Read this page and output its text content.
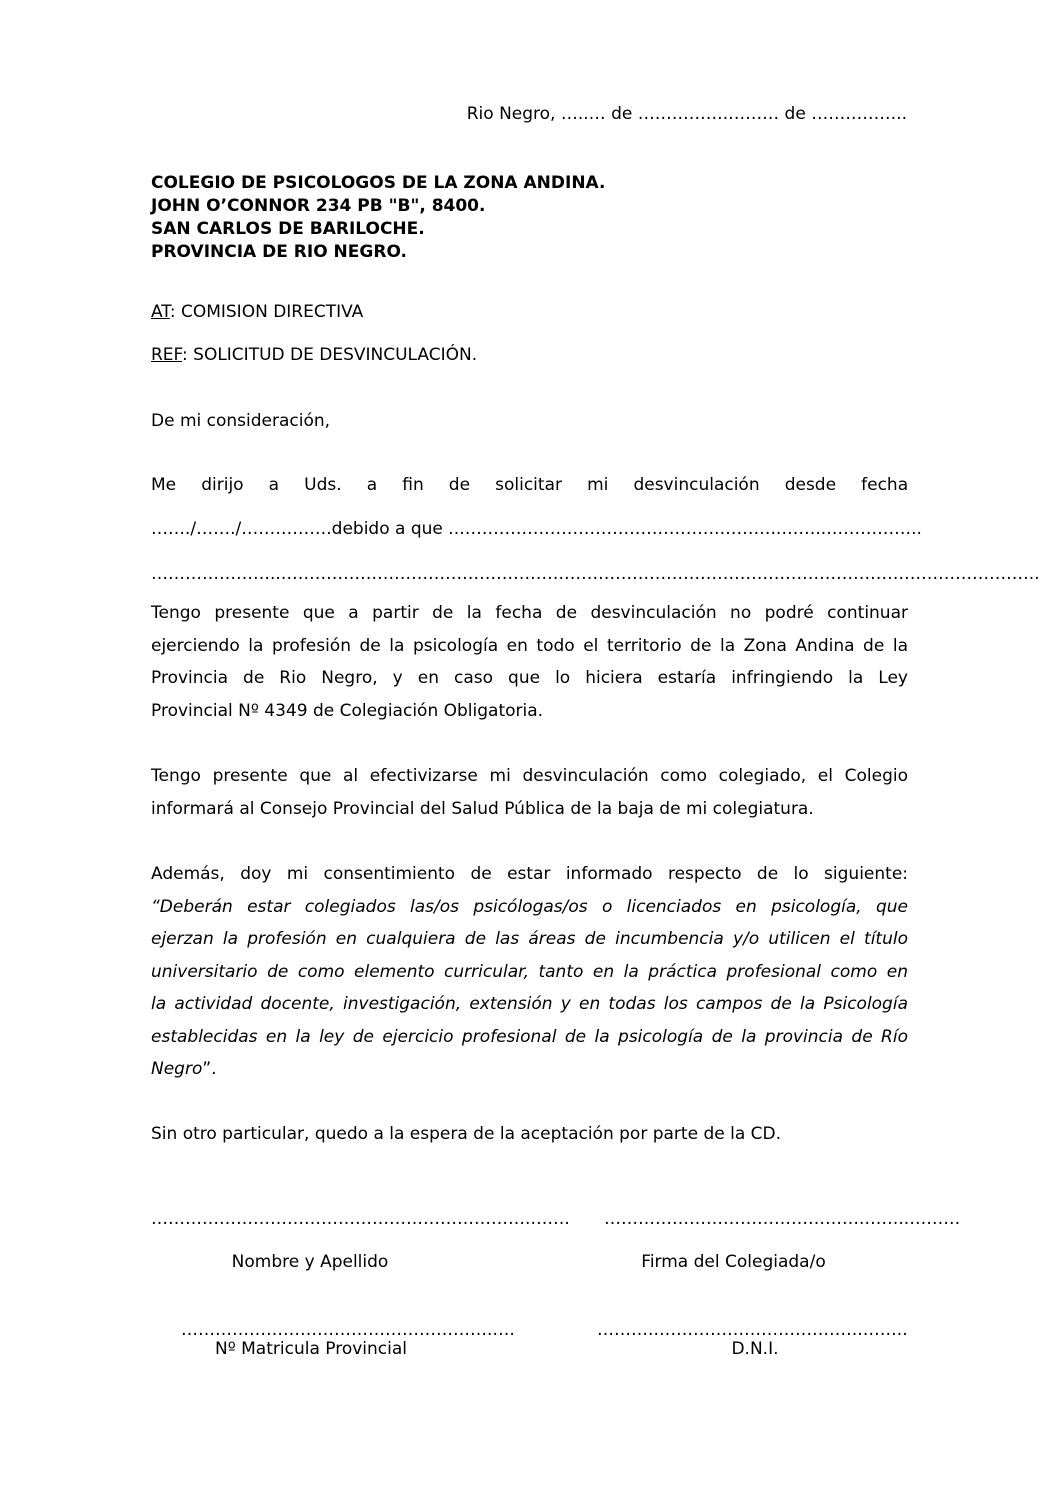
Rio Negro, …..… de …………….……… de ……………..
COLEGIO DE PSICOLOGOS DE LA ZONA ANDINA.
JOHN O’CONNOR 234 PB "B", 8400.
SAN CARLOS DE BARILOCHE.
PROVINCIA DE RIO NEGRO.
AT: COMISION DIRECTIVA
REF: SOLICITUD DE DESVINCULACIÓN.
De mi consideración,
Me dirijo a Uds. a fin de solicitar mi desvinculación desde fecha
……./……./…………….debido a que ..……………………………………….………..……..……………..
…………………..……………………………………………………………………………………………………………………..
Tengo presente que a partir de la fecha de desvinculación no podré continuar
ejerciendo la profesión de la psicología en todo el territorio de la Zona Andina de la
Provincia de Rio Negro, y en caso que lo hiciera estaría infringiendo la Ley
Provincial Nº 4349 de Colegiación Obligatoria.
Tengo presente que al efectivizarse mi desvinculación como colegiado, el Colegio
informará al Consejo Provincial del Salud Pública de la baja de mi colegiatura.
Además, doy mi consentimiento de estar informado respecto de lo siguiente:
“Deberán estar colegiados las/os psicólogas/os o licenciados en psicología, que
ejerzan la profesión en cualquiera de las áreas de incumbencia y/o utilicen el título
universitario de como elemento curricular, tanto en la práctica profesional como en
la actividad docente, investigación, extensión y en todas los campos de la Psicología
establecidas en la ley de ejercicio profesional de la psicología de la provincia de Río
Negro”.
Sin otro particular, quedo a la espera de la aceptación por parte de la CD.
………………………………………………………….…….
Nombre y Apellido
……………………………………….……..………
Firma del Colegiada/o
……………………………………………….….
Nº Matricula Provincial
……….……………………………….……..
D.N.I.
